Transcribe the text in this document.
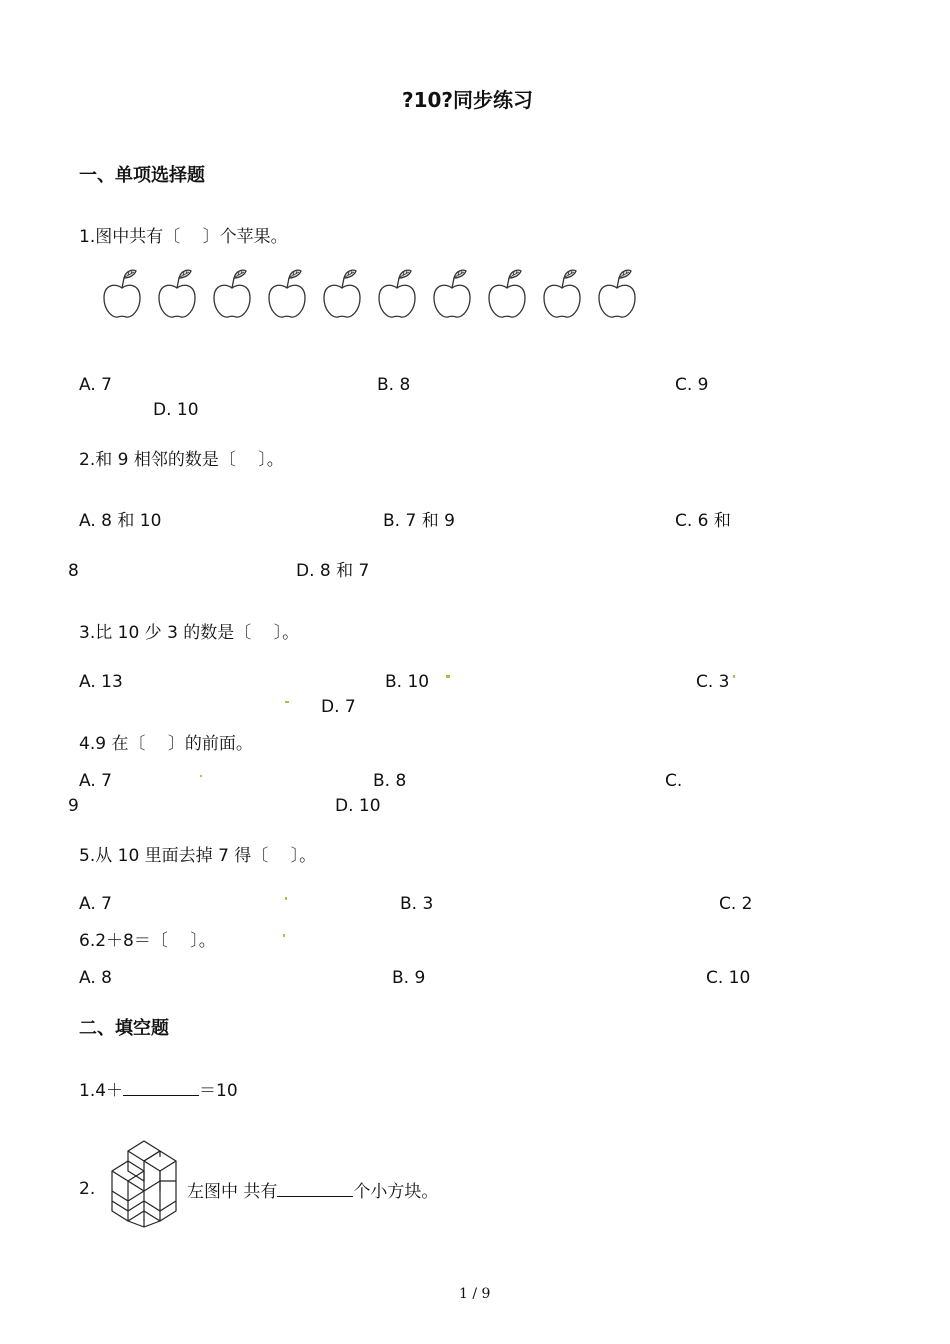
?10?同步练习
一、单项选择题
1.图中共有〔　 〕个苹果。
A. 7	B. 8	C. 9
D. 10
2.和 9 相邻的数是〔　 〕。
A. 8 和 10	B. 7 和 9	C. 6 和
8	D. 8 和 7
3.比 10 少 3 的数是〔　 〕。
A. 13	B. 10	C. 3
D. 7
4.9 在〔　 〕的前面。
A. 7	B. 8	C.
9	D. 10
5.从 10 里面去掉 7 得〔　 〕。
A. 7	B. 3	C. 2
6.2＋8＝〔　 〕。
A. 8	B. 9	C. 10
二、填空题
1.4＋	＝10
2.	左图中 共有	个小方块。
1 / 9
